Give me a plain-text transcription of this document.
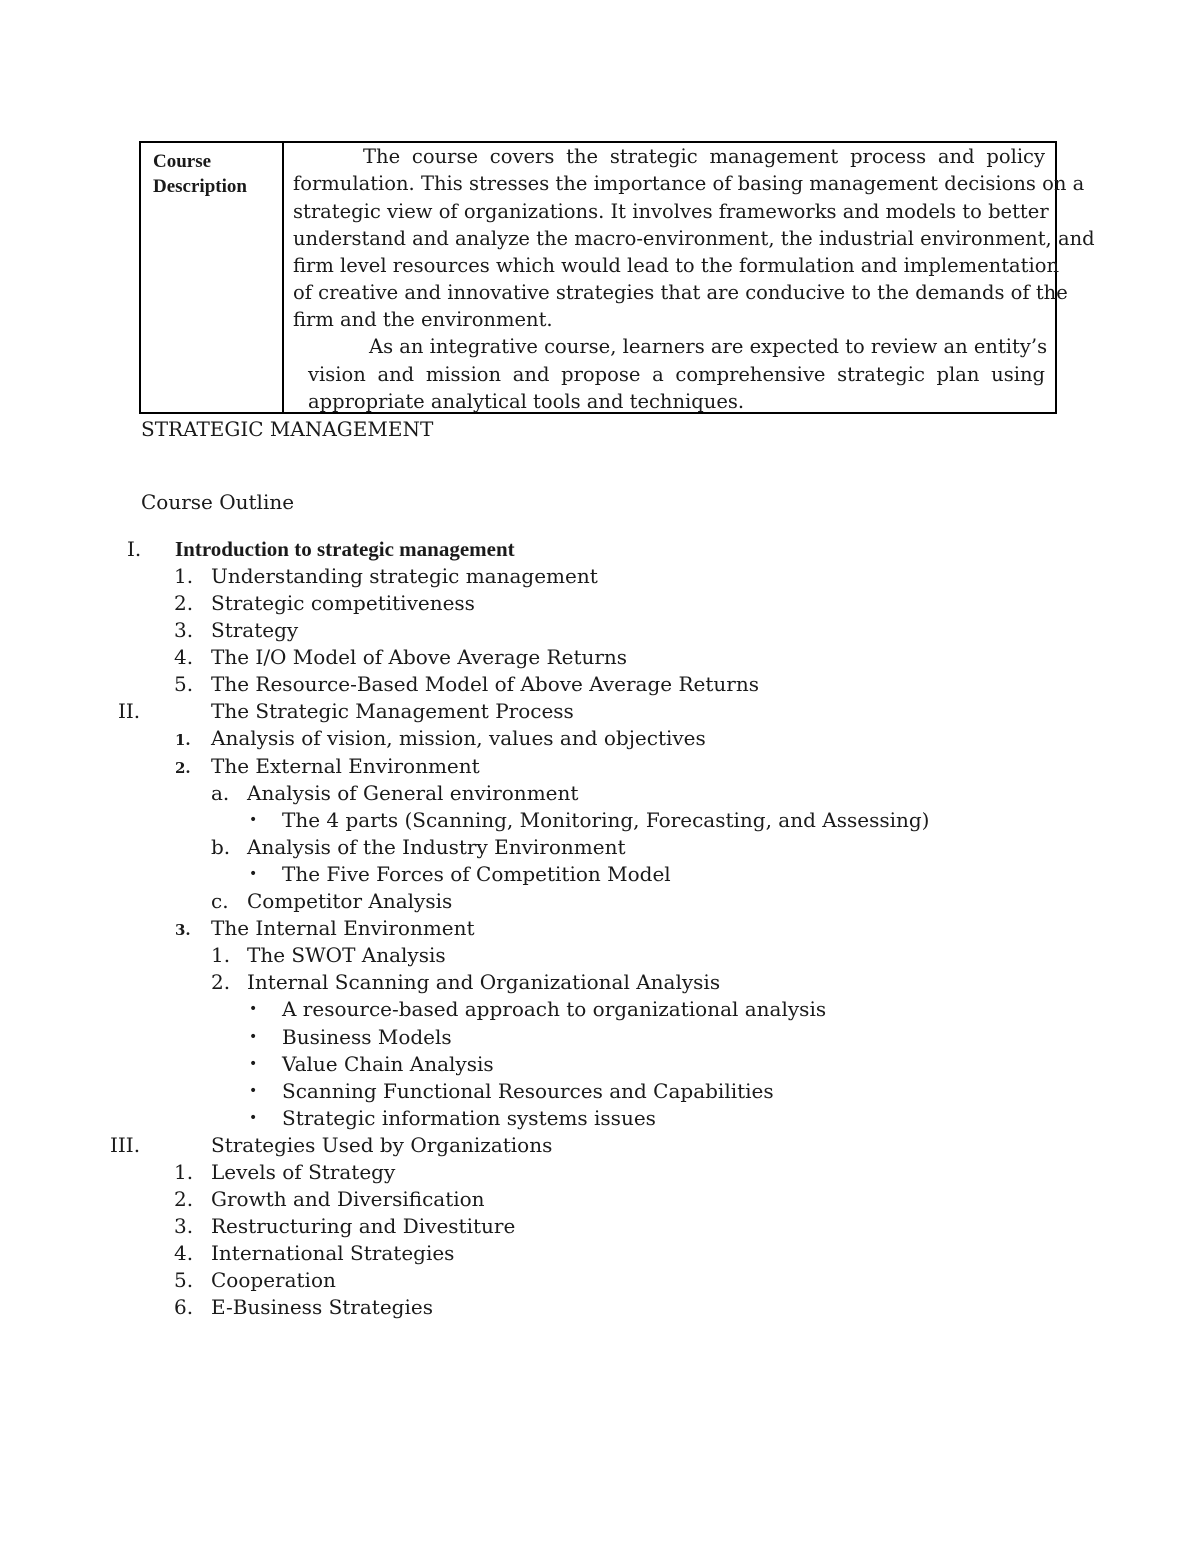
Course
Description
The course covers the strategic management process and policy
formulation. This stresses the importance of basing management decisions on a
strategic view of organizations. It involves frameworks and models to better
understand and analyze the macro-environment, the industrial environment, and
firm level resources which would lead to the formulation and implementation
of creative and innovative strategies that are conducive to the demands of the
firm and the environment.
As an integrative course, learners are expected to review an entity’s
vision and mission and propose a comprehensive strategic plan using
appropriate analytical tools and techniques.
STRATEGIC MANAGEMENT
Course Outline
I. Introduction to strategic management
1. Understanding strategic management
2. Strategic competitiveness
3. Strategy
4. The I/O Model of Above Average Returns
5. The Resource-Based Model of Above Average Returns
II.	The Strategic Management Process
1. Analysis of vision, mission, values and objectives
2. The External Environment
a. Analysis of General environment
• The 4 parts (Scanning, Monitoring, Forecasting, and Assessing)
b. Analysis of the Industry Environment
• The Five Forces of Competition Model
c. Competitor Analysis
3. The Internal Environment
1. The SWOT Analysis
2. Internal Scanning and Organizational Analysis
• A resource-based approach to organizational analysis
• Business Models
• Value Chain Analysis
• Scanning Functional Resources and Capabilities
• Strategic information systems issues
III.	Strategies Used by Organizations
1. Levels of Strategy
2. Growth and Diversification
3. Restructuring and Divestiture
4. International Strategies
5. Cooperation
6. E-Business Strategies
